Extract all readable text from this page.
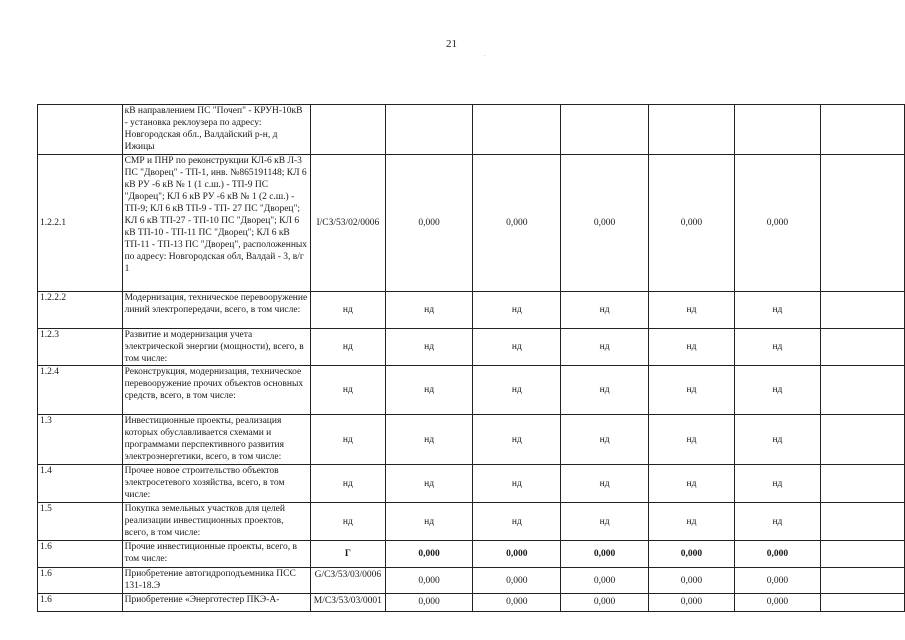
21
.
	кВ направлением ПС "Почеп" - КРУН-10кВ - установка реклоузера по адресу: Новгородская обл., Валдайский р-н, д Ижицы							
1.2.2.1	СМР и ПНР по реконструкции КЛ-6 кВ Л-3 ПС "Дворец" - ТП-1, инв. №865191148; КЛ 6 кВ РУ -6 кВ № 1 (1 с.ш.) - ТП-9 ПС "Дворец"; КЛ 6 кВ РУ -6 кВ № 1 (2 с.ш.) - ТП-9; КЛ 6 кВ ТП-9 - ТП- 27 ПС "Дворец"; КЛ 6 кВ ТП-27 - ТП-10 ПС "Дворец"; КЛ 6 кВ ТП-10 - ТП-11 ПС "Дворец"; КЛ 6 кВ ТП-11 - ТП-13 ПС "Дворец", расположенных по адресу: Новгородская обл, Валдай - 3, в/г 1	I/СЗ/53/02/0006	0,000	0,000	0,000	0,000	0,000	
1.2.2.2	Модернизация, техническое перевооружение линий электропередачи, всего, в том числе:	нд	нд	нд	нд	нд	нд	
1.2.3	Развитие и модернизация учета электрической энергии (мощности), всего, в том числе:	нд	нд	нд	нд	нд	нд	
1.2.4	Реконструкция, модернизация, техническое перевооружение прочих объектов основных средств, всего, в том числе:	нд	нд	нд	нд	нд	нд	
1.3	Инвестиционные проекты, реализация которых обуславливается схемами и программами перспективного развития электроэнергетики, всего, в том числе:	нд	нд	нд	нд	нд	нд	
1.4	Прочее новое строительство объектов электросетевого хозяйства, всего, в том числе:	нд	нд	нд	нд	нд	нд	
1.5	Покупка земельных участков для целей реализации инвестиционных проектов, всего, в том числе:	нд	нд	нд	нд	нд	нд	
1.6	Прочие инвестиционные проекты, всего, в том числе:	Г	0,000	0,000	0,000	0,000	0,000	
1.6	Приобретение автогидроподъемника ПСС 131-18.Э	G/СЗ/53/03/0006	0,000	0,000	0,000	0,000	0,000	
1.6	Приобретение «Энерготестер ПКЭ-А-	M/СЗ/53/03/0001	0,000	0,000	0,000	0,000	0,000	
